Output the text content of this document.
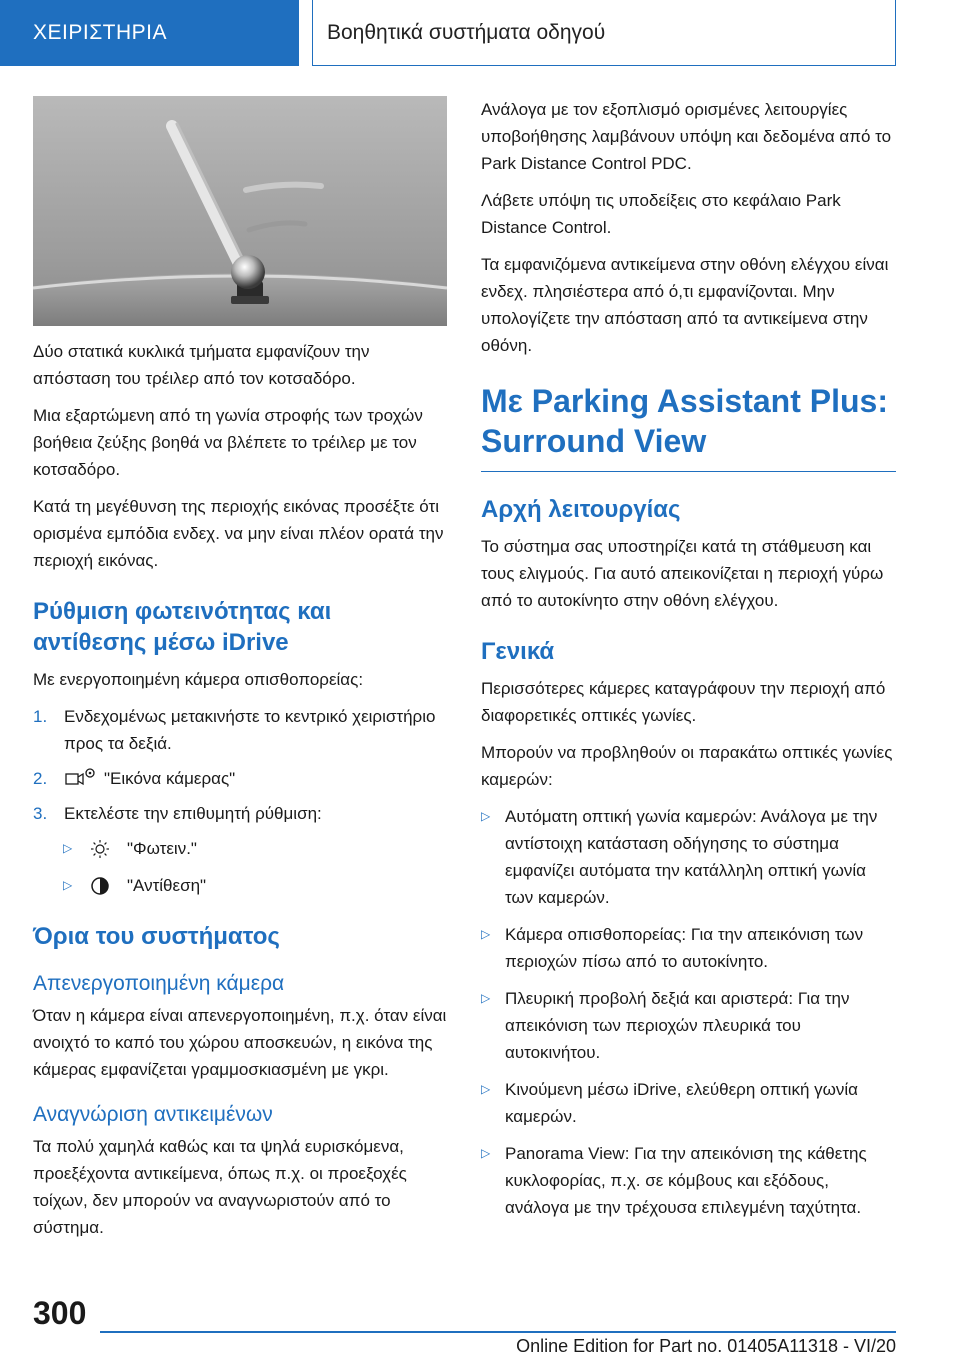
ΧΕΙΡΙΣΤΗΡΙΑ	Βοηθητικά συστήματα οδηγού

Δύο στατικά κυκλικά τμήματα εμφανίζουν την απόσταση του τρέιλερ από τον κοτσαδόρο.

Μια εξαρτώμενη από τη γωνία στροφής των τροχών βοήθεια ζεύξης βοηθά να βλέπετε το τρέιλερ με τον κοτσαδόρο.

Κατά τη μεγέθυνση της περιοχής εικόνας προσέξτε ότι ορισμένα εμπόδια ενδεχ. να μην είναι πλέον ορατά την περιοχή εικόνας.

Ρύθμιση φωτεινότητας και αντίθεσης μέσω iDrive

Με ενεργοποιημένη κάμερα οπισθοπορείας:

1. Ενδεχομένως μετακινήστε το κεντρικό χειριστήριο προς τα δεξιά.
2.	"Εικόνα κάμερας"
3. Εκτελέστε την επιθυμητή ρύθμιση:
▷	"Φωτειν."
▷	"Αντίθεση"
Όρια του συστήματος
Απενεργοποιημένη κάμερα

Όταν η κάμερα είναι απενεργοποιημένη, π.χ. όταν είναι ανοιχτό το καπό του χώρου αποσκευών, η εικόνα της κάμερας εμφανίζεται γραμμοσκιασμένη με γκρι.

Αναγνώριση αντικειμένων

Τα πολύ χαμηλά καθώς και τα ψηλά ευρισκόμενα, προεξέχοντα αντικείμενα, όπως π.χ. οι προεξοχές τοίχων, δεν μπορούν να αναγνωριστούν από το σύστημα.

Ανάλογα με τον εξοπλισμό ορισμένες λειτουργίες υποβοήθησης λαμβάνουν υπόψη και δεδομένα από το Park Distance Control PDC.

Λάβετε υπόψη τις υποδείξεις στο κεφάλαιο Park Distance Control.

Τα εμφανιζόμενα αντικείμενα στην οθόνη ελέγχου είναι ενδεχ. πλησιέστερα από ό,τι εμφανίζονται. Μην υπολογίζετε την απόσταση από τα αντικείμενα στην οθόνη.

Με Parking Assistant Plus: Surround View
Αρχή λειτουργίας

Το σύστημα σας υποστηρίζει κατά τη στάθμευση και τους ελιγμούς. Για αυτό απεικονίζεται η περιοχή γύρω από το αυτοκίνητο στην οθόνη ελέγχου.

Γενικά

Περισσότερες κάμερες καταγράφουν την περιοχή από διαφορετικές οπτικές γωνίες.

Μπορούν να προβληθούν οι παρακάτω οπτικές γωνίες καμερών:

▷ Αυτόματη οπτική γωνία καμερών: Ανάλογα με την αντίστοιχη κατάσταση οδήγησης το σύστημα εμφανίζει αυτόματα την κατάλληλη οπτική γωνία των καμερών.
▷ Κάμερα οπισθοπορείας: Για την απεικόνιση των περιοχών πίσω από το αυτοκίνητο.
▷ Πλευρική προβολή δεξιά και αριστερά: Για την απεικόνιση των περιοχών πλευρικά του αυτοκινήτου.
▷ Κινούμενη μέσω iDrive, ελεύθερη οπτική γωνία καμερών.
▷ Panorama View: Για την απεικόνιση της κάθετης κυκλοφορίας, π.χ. σε κόμβους και εξόδους, ανάλογα με την τρέχουσα επιλεγμένη ταχύτητα.
300
Online Edition for Part no. 01405A11318 - VI/20
